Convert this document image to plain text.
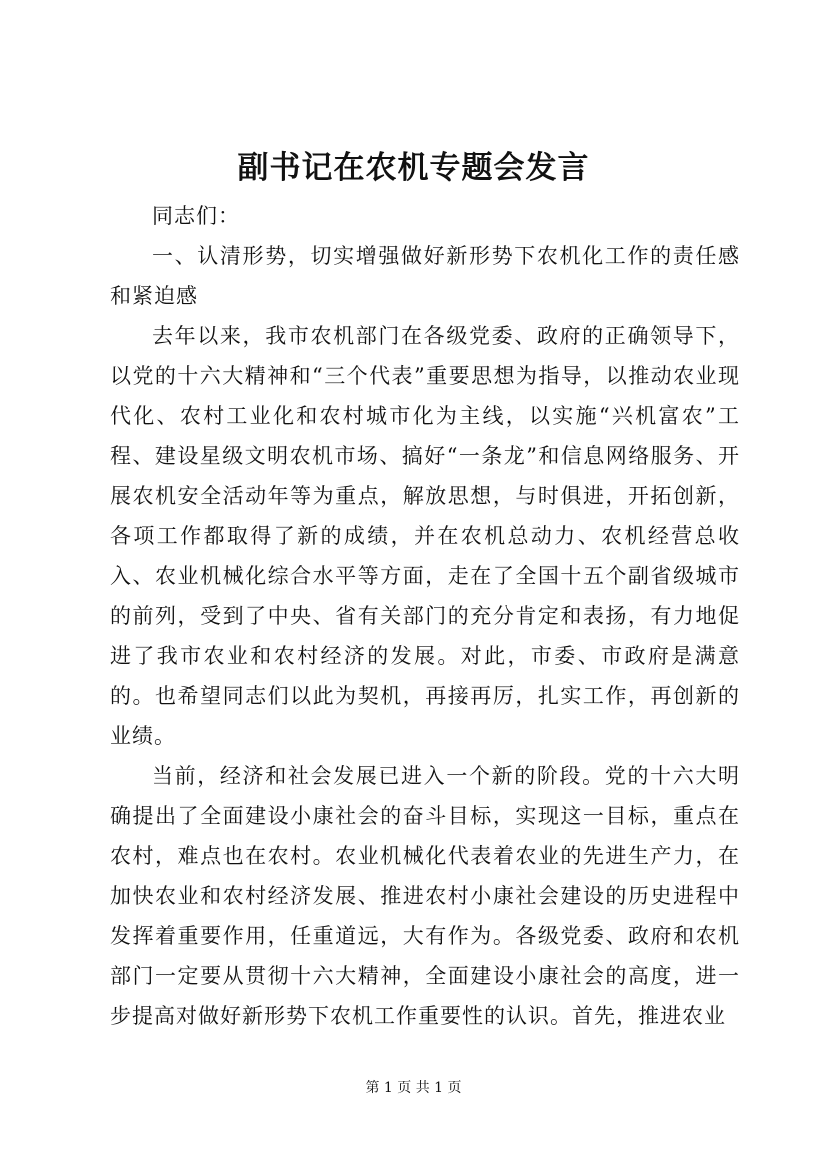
副书记在农机专题会发言

同志们：

一、认清形势，切实增强做好新形势下农机化工作的责任感和紧迫感

去年以来，我市农机部门在各级党委、政府的正确领导下，以党的十六大精神和“三个代表”重要思想为指导，以推动农业现代化、农村工业化和农村城市化为主线，以实施“兴机富农”工程、建设星级文明农机市场、搞好“一条龙”和信息网络服务、开展农机安全活动年等为重点，解放思想，与时俱进，开拓创新，各项工作都取得了新的成绩，并在农机总动力、农机经营总收入、农业机械化综合水平等方面，走在了全国十五个副省级城市的前列，受到了中央、省有关部门的充分肯定和表扬，有力地促进了我市农业和农村经济的发展。对此，市委、市政府是满意的。也希望同志们以此为契机，再接再厉，扎实工作，再创新的业绩。

当前，经济和社会发展已进入一个新的阶段。党的十六大明确提出了全面建设小康社会的奋斗目标，实现这一目标，重点在农村，难点也在农村。农业机械化代表着农业的先进生产力，在加快农业和农村经济发展、推进农村小康社会建设的历史进程中发挥着重要作用，任重道远，大有作为。各级党委、政府和农机部门一定要从贯彻十六大精神，全面建设小康社会的高度，进一步提高对做好新形势下农机工作重要性的认识。首先，推进农业

第 1 页 共 1 页
